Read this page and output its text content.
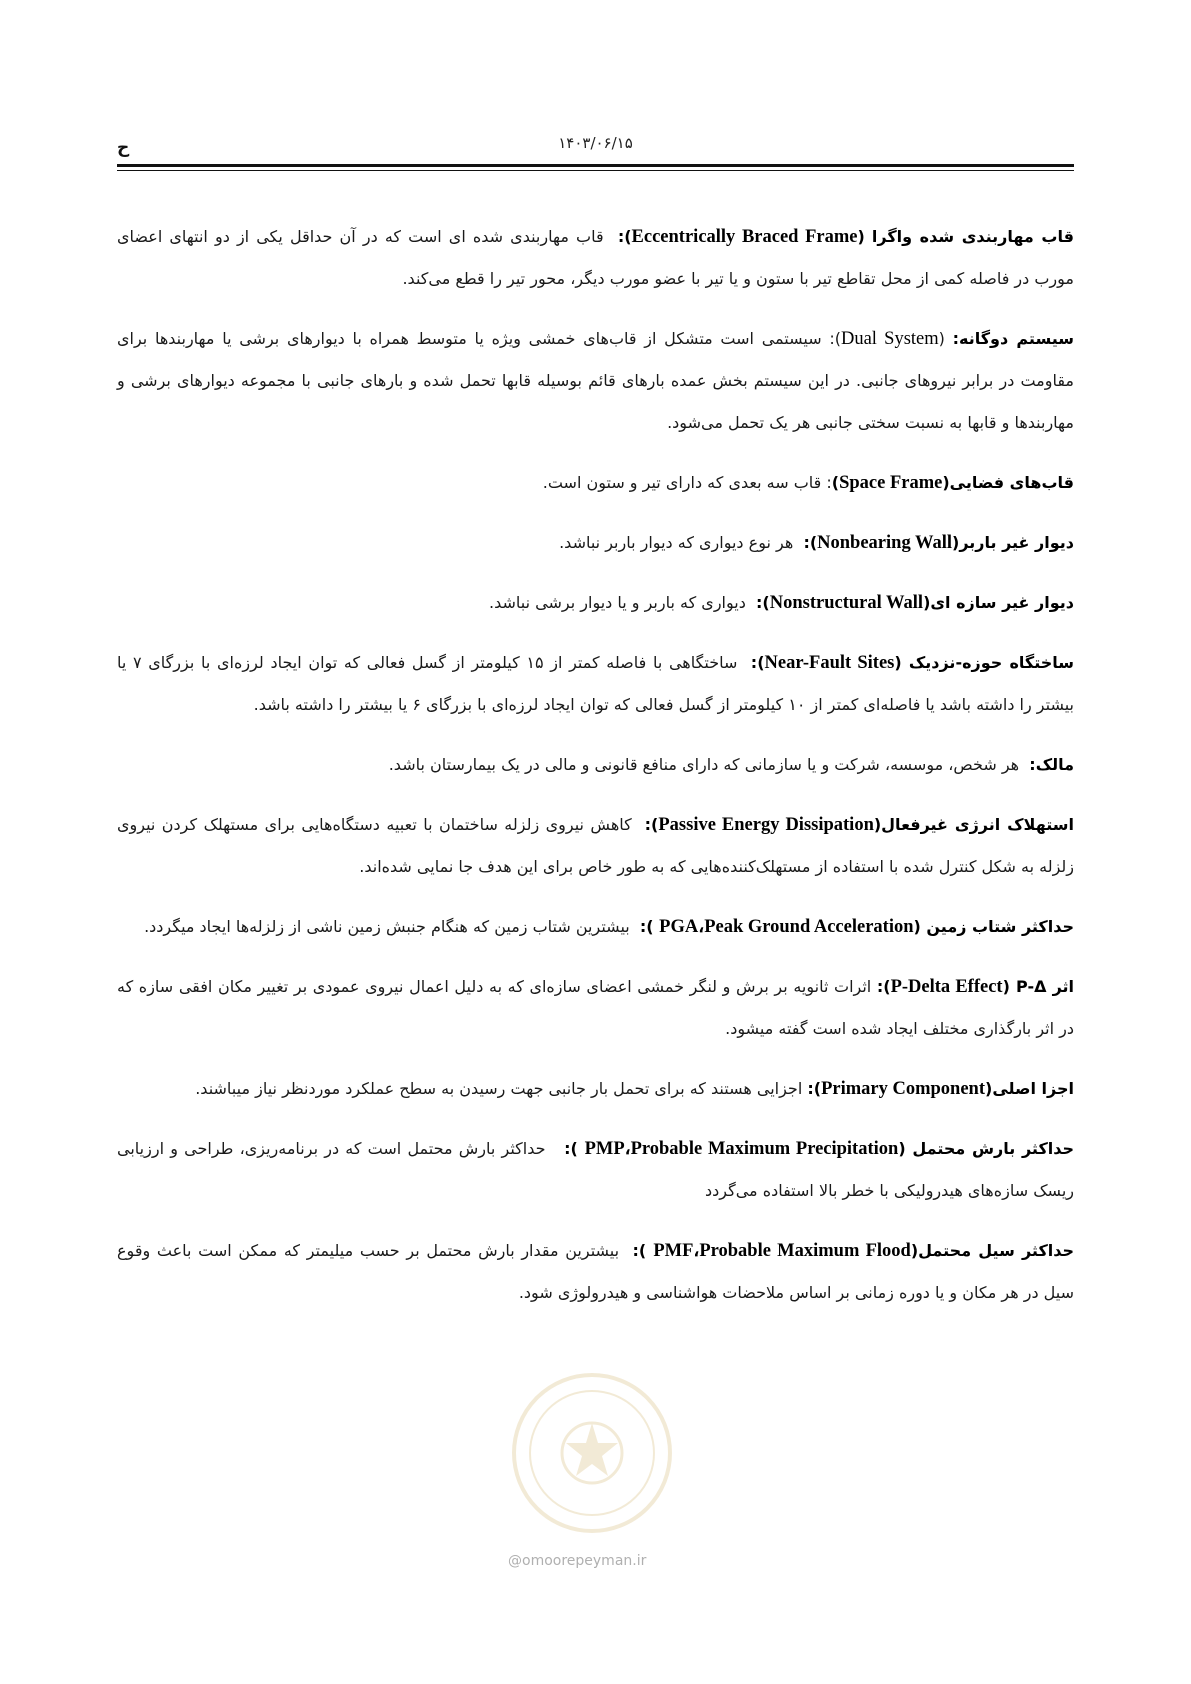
ح	۱۴۰۳/۰۶/۱۵

قاب مهاربندی شده واگرا (Eccentrically Braced Frame):  قاب مهاربندی شده ای است که در آن حداقل یکی از دو انتهای اعضای مورب در فاصله کمی از محل تقاطع تیر با ستون و یا تیر با عضو مورب دیگر، محور تیر را قطع می‌کند.

سیستم دوگانه: (Dual System): سیستمی است متشکل از قاب‌های خمشی ویژه یا متوسط همراه با دیوارهای برشی یا مهاربندها برای مقاومت در برابر نیروهای جانبی. در این سیستم بخش عمده بارهای قائم بوسیله قابها تحمل شده و بارهای جانبی با مجموعه دیوارهای برشی و مهاربندها و قابها به نسبت سختی جانبی هر یک تحمل می‌شود.

قاب‌های فضایی(Space Frame): قاب سه بعدی که دارای تیر و ستون است.

دیوار غیر باربر(Nonbearing Wall):  هر نوع دیواری که دیوار باربر نباشد.

دیوار غیر سازه ای(Nonstructural Wall):  دیواری که باربر و یا دیوار برشی نباشد.

ساختگاه حوزه-نزدیک (Near-Fault Sites):  ساختگاهی با فاصله کمتر از ۱۵ کیلومتر از گسل فعالی که توان ایجاد لرزه‌ای با بزرگای ۷ یا بیشتر را داشته باشد یا فاصله‌ای کمتر از ۱۰ کیلومتر از گسل فعالی که توان ایجاد لرزه‌ای با بزرگای ۶ یا بیشتر را داشته باشد.

مالک:  هر شخص، موسسه، شرکت و یا سازمانی که دارای منافع قانونی و مالی در یک بیمارستان باشد.

استهلاک انرژی غیرفعال(Passive Energy Dissipation):  کاهش نیروی زلزله ساختمان با تعبیه دستگاه‌هایی برای مستهلک کردن نیروی زلزله به شکل کنترل شده با استفاده از مستهلک‌کننده‌هایی که به طور خاص برای این هدف جا نمایی شده‌اند.

حداکثر شتاب زمین (PGA،Peak Ground Acceleration ):  بیشترین شتاب زمین که هنگام جنبش زمین ناشی از زلزله‌ها ایجاد میگردد.

اثر P-Δ (P-Delta Effect): اثرات ثانویه بر برش و لنگر خمشی اعضای سازه‌ای که به دلیل اعمال نیروی عمودی بر تغییر مکان افقی سازه که در اثر بارگذاری مختلف ایجاد شده است گفته میشود.

اجزا اصلی(Primary Component): اجزایی هستند که برای تحمل بار جانبی جهت رسیدن به سطح عملکرد موردنظر نیاز میباشند.

حداکثر بارش محتمل (PMP،Probable Maximum Precipitation ):   حداکثر بارش محتمل است که در برنامه‌ریزی، طراحی و ارزیابی ریسک سازه‌های هیدرولیکی با خطر بالا استفاده می‌گردد

حداکثر سیل محتمل(PMF،Probable Maximum Flood ):  بیشترین مقدار بارش محتمل بر حسب میلیمتر که ممکن است باعث وقوع سیل در هر مکان و یا دوره زمانی بر اساس ملاحضات هواشناسی و هیدرولوژی شود.

@omoorepeyman.ir
